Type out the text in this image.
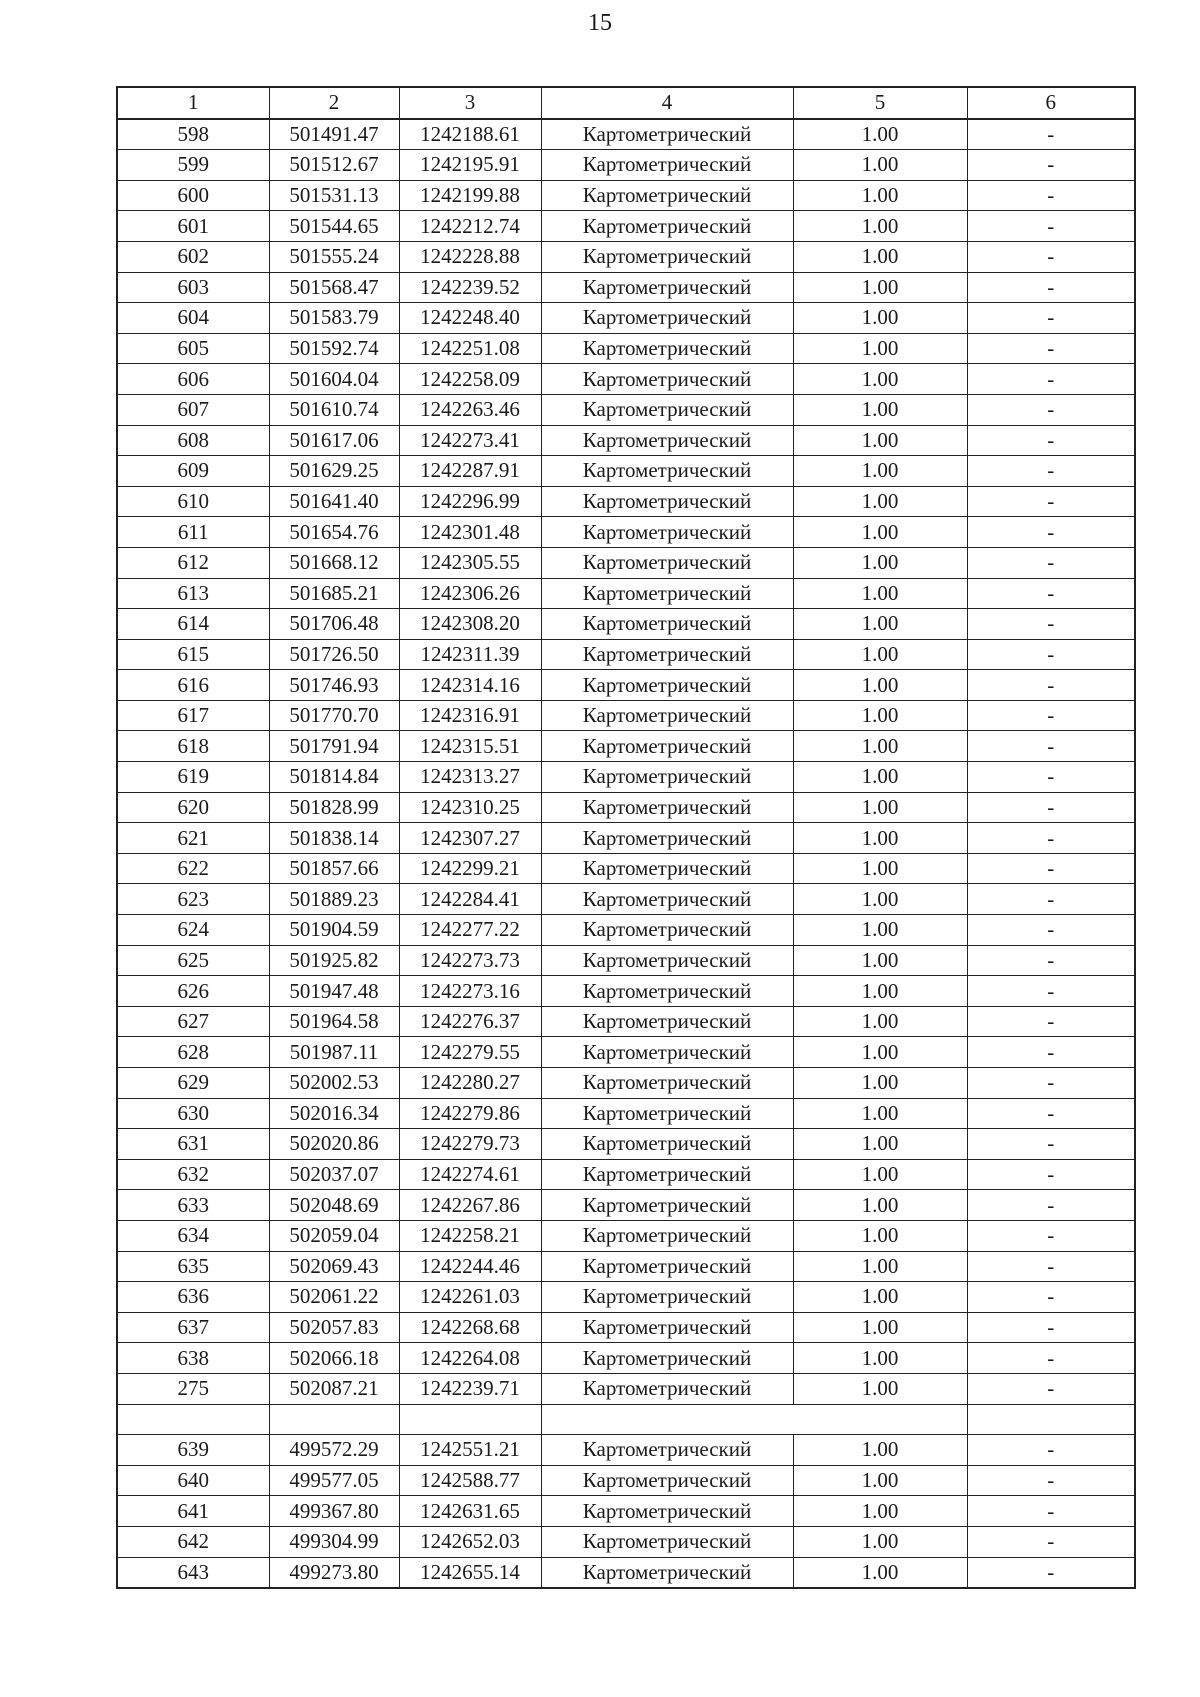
15
1	2	3	4	5	6
598	501491.47	1242188.61	Картометрический	1.00	-
599	501512.67	1242195.91	Картометрический	1.00	-
600	501531.13	1242199.88	Картометрический	1.00	-
601	501544.65	1242212.74	Картометрический	1.00	-
602	501555.24	1242228.88	Картометрический	1.00	-
603	501568.47	1242239.52	Картометрический	1.00	-
604	501583.79	1242248.40	Картометрический	1.00	-
605	501592.74	1242251.08	Картометрический	1.00	-
606	501604.04	1242258.09	Картометрический	1.00	-
607	501610.74	1242263.46	Картометрический	1.00	-
608	501617.06	1242273.41	Картометрический	1.00	-
609	501629.25	1242287.91	Картометрический	1.00	-
610	501641.40	1242296.99	Картометрический	1.00	-
611	501654.76	1242301.48	Картометрический	1.00	-
612	501668.12	1242305.55	Картометрический	1.00	-
613	501685.21	1242306.26	Картометрический	1.00	-
614	501706.48	1242308.20	Картометрический	1.00	-
615	501726.50	1242311.39	Картометрический	1.00	-
616	501746.93	1242314.16	Картометрический	1.00	-
617	501770.70	1242316.91	Картометрический	1.00	-
618	501791.94	1242315.51	Картометрический	1.00	-
619	501814.84	1242313.27	Картометрический	1.00	-
620	501828.99	1242310.25	Картометрический	1.00	-
621	501838.14	1242307.27	Картометрический	1.00	-
622	501857.66	1242299.21	Картометрический	1.00	-
623	501889.23	1242284.41	Картометрический	1.00	-
624	501904.59	1242277.22	Картометрический	1.00	-
625	501925.82	1242273.73	Картометрический	1.00	-
626	501947.48	1242273.16	Картометрический	1.00	-
627	501964.58	1242276.37	Картометрический	1.00	-
628	501987.11	1242279.55	Картометрический	1.00	-
629	502002.53	1242280.27	Картометрический	1.00	-
630	502016.34	1242279.86	Картометрический	1.00	-
631	502020.86	1242279.73	Картометрический	1.00	-
632	502037.07	1242274.61	Картометрический	1.00	-
633	502048.69	1242267.86	Картометрический	1.00	-
634	502059.04	1242258.21	Картометрический	1.00	-
635	502069.43	1242244.46	Картометрический	1.00	-
636	502061.22	1242261.03	Картометрический	1.00	-
637	502057.83	1242268.68	Картометрический	1.00	-
638	502066.18	1242264.08	Картометрический	1.00	-
275	502087.21	1242239.71	Картометрический	1.00	-

639	499572.29	1242551.21	Картометрический	1.00	-
640	499577.05	1242588.77	Картометрический	1.00	-
641	499367.80	1242631.65	Картометрический	1.00	-
642	499304.99	1242652.03	Картометрический	1.00	-
643	499273.80	1242655.14	Картометрический	1.00	-
